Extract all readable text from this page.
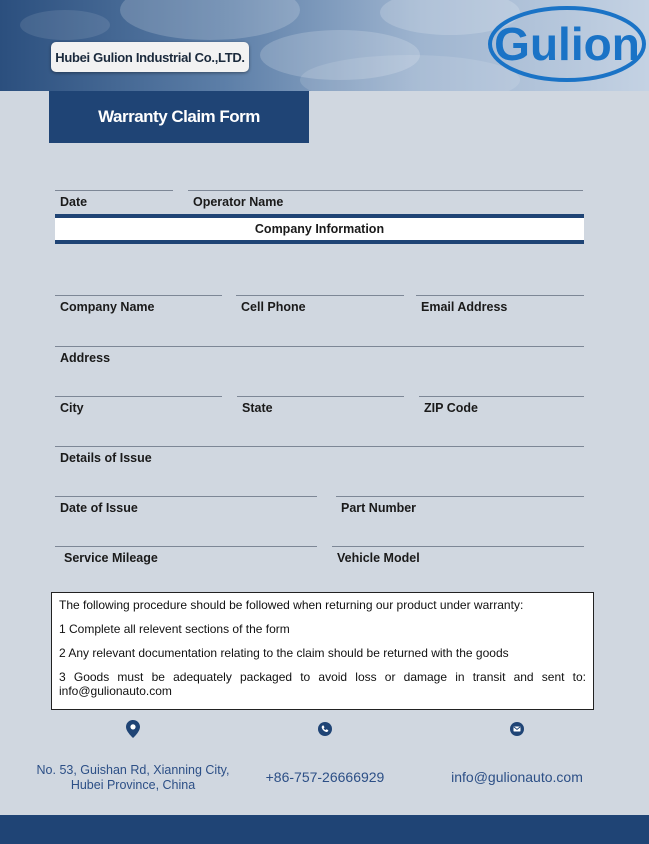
Hubei Gulion Industrial Co.,LTD.	Gulion
Warranty Claim Form
Date	Operator Name
Company Information
Company Name	Cell Phone	Email Address
Address
City	State	ZIP Code
Details of Issue
Date of Issue	Part Number
Service Mileage	Vehicle Model

The following procedure should be followed when returning our product under warranty:

1 Complete all relevent sections of the form

2 Any relevant documentation relating to the claim should be returned with the goods

3 Goods must be adequately packaged to avoid loss or damage in transit and sent to: info@gulionauto.com

No. 53, Guishan Rd, Xianning City,
Hubei Province, China	+86-757-26666929	info@gulionauto.com
